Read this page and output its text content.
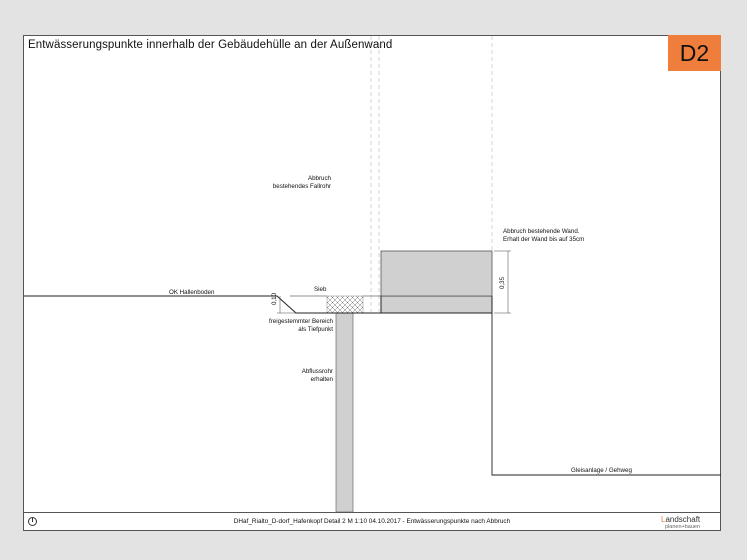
Entwässerungspunkte innerhalb der Gebäudehülle an der Außenwand	D2
Abbruch
bestehendes Fallrohr
Abbruch bestehende Wand.
Erhalt der Wand bis auf 35cm
OK Hallenboden	Sieb
0,10
0,35
freigestemmter Bereich
als Tiefpunkt
Abflussrohr
erhalten
Gleisanlage / Gehweg
DHaf_Rialto_D-dorf_Hafenkopf Detail 2 M 1:10 04.10.2017 - Entwässerungspunkte nach Abbruch	Landschaft
planen+bauen
